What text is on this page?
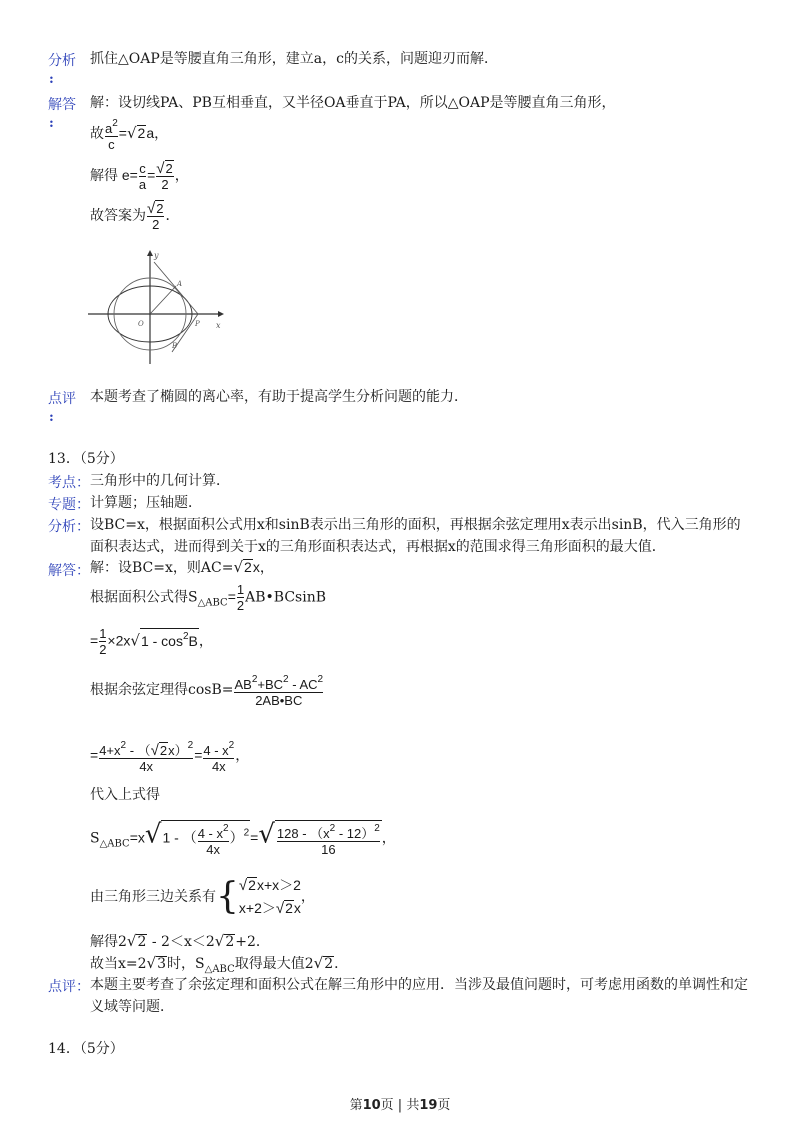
分析
:
抓住△OAP是等腰直角三角形，建立a，c的关系，问题迎刃而解．
解答
:
解：设切线PA、PB互相垂直，又半径OA垂直于PA，所以△OAP是等腰直角三角形，
故 $\frac{a^2}{c} =√2a$，
解得 $e= \frac{c}{a} = \frac{√2}{2}$ ，
故答案为 $\frac{√2}{2}$ ．
y
x
O	P
A
B
点评
:
本题考查了椭圆的离心率，有助于提高学生分析问题的能力．
13．（5分）
考点： 三角形中的几何计算．
专题： 计算题；压轴题．
分析： 设BC=x，根据面积公式用x和sinB表示出三角形的面积，再根据余弦定理用x表示出sinB，代入三角形的面积表达式，进而得到关于x的三角形面积表达式，再根据x的范围求得三角形面积的最大值．
解答： 解：设BC=x，则AC=√2x，
根据面积公式得$S_{\triangle ABC}= \frac{1}{2}$ AB•BCsinB
= $\frac{1}{2} \times 2x√1 - \cos^2B$，
根据余弦定理得$\cos B= \frac{AB^2+BC^2 - AC^2}{2AB•BC}$
= $\frac{4+x^2 - (√2x)^2}{4x} = \frac{4 - x^2}{4x}$ ，
代入上式得
$S_{\triangle ABC}=x√1$ - （ $\frac{4 - x^2}{4x} )^2=√ \frac{128 - (x^2 - 12)^2}{16}$ ，
由三角形三边关系有{ √2x+x＞2
x+2＞√2x
，
解得2√2 - 2＜x＜2√2+2．
故当x=2√3时，$S_{\triangle ABC}$取得最大值2√2．
点评： 本题主要考查了余弦定理和面积公式在解三角形中的应用．当涉及最值问题时，可考虑用函数的单调性和定义域等问题．
14．（5分）
第10页 | 共19页
